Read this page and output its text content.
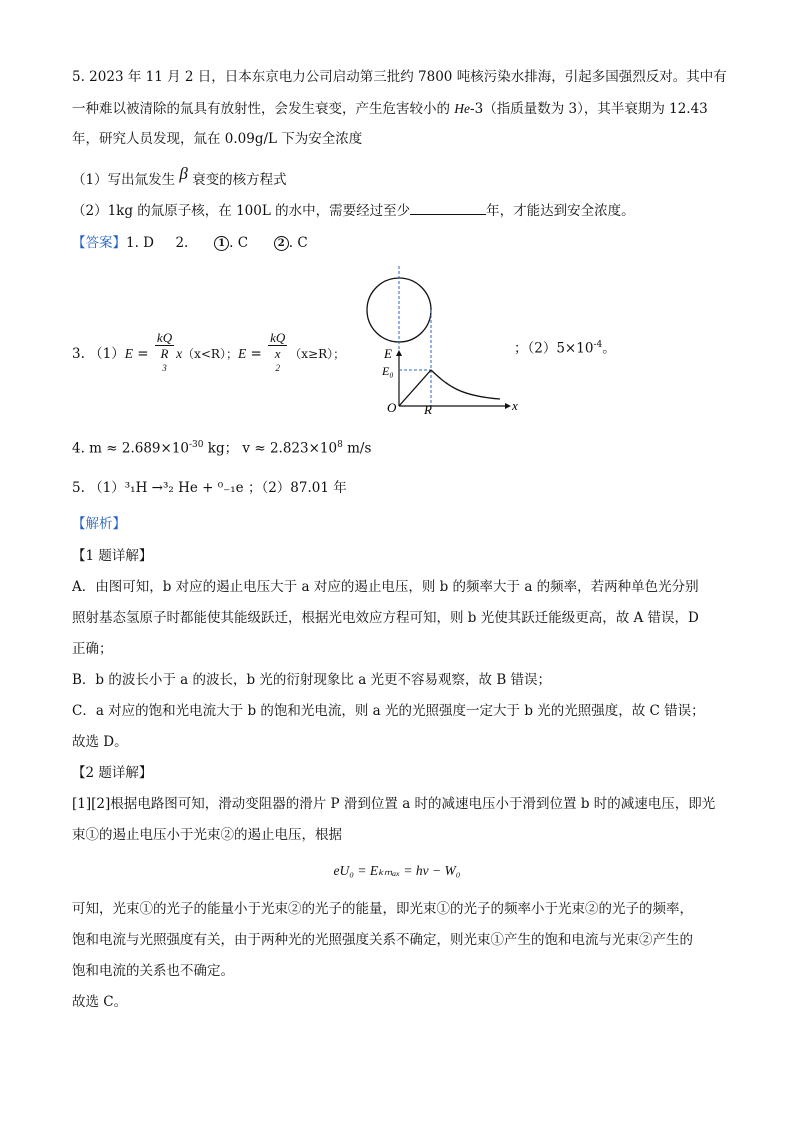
5. 2023 年 11 月 2 日，日本东京电力公司启动第三批约 7800 吨核污染水排海，引起多国强烈反对。其中有
一种难以被清除的氚具有放射性，会发生衰变，产生危害较小的 He-3（指质量数为 3），其半衰期为 12.43
年，研究人员发现，氚在 0.09g/L 下为安全浓度
（1）写出氚发生 β 衰变的核方程式
（2）1kg 的氚原子核，在 100L 的水中，需要经过至少	年，才能达到安全浓度。
【答案】1. D 2.	1 . C	2 . C
3. （1）E = kQ
R
$^3$ x（x<R）；E = kQ
x
$^2$ （x≥R）；	；$(2)5\times 10^{-4}$。
E
E₀
O R	x
4. $m \approx 2.689\times 10^{-30}$ kg； $v \approx 2.823\times 10^8$ m/s
5. （1）³₁H →³₂ He + ⁰₋₁e ；（2）87.01 年
【解析】
【1 题详解】
A．由图可知，b 对应的遏止电压大于 a 对应的遏止电压，则 b 的频率大于 a 的频率，若两种单色光分别
照射基态氢原子时都能使其能级跃迁，根据光电效应方程可知，则 b 光使其跃迁能级更高，故 A 错误，D
正确；
B．b 的波长小于 a 的波长，b 光的衍射现象比 a 光更不容易观察，故 B 错误；
C．a 对应的饱和光电流大于 b 的饱和光电流，则 a 光的光照强度一定大于 b 光的光照强度，故 C 错误；
故选 D。
【2 题详解】
[1][2]根据电路图可知，滑动变阻器的滑片 P 滑到位置 a 时的减速电压小于滑到位置 b 时的减速电压，即光
束①的遏止电压小于光束②的遏止电压，根据
eU₀ = Eₖₘₐₓ = hν − W₀
可知，光束①的光子的能量小于光束②的光子的能量，即光束①的光子的频率小于光束②的光子的频率，
饱和电流与光照强度有关，由于两种光的光照强度关系不确定，则光束①产生的饱和电流与光束②产生的
饱和电流的关系也不确定。
故选 C。
